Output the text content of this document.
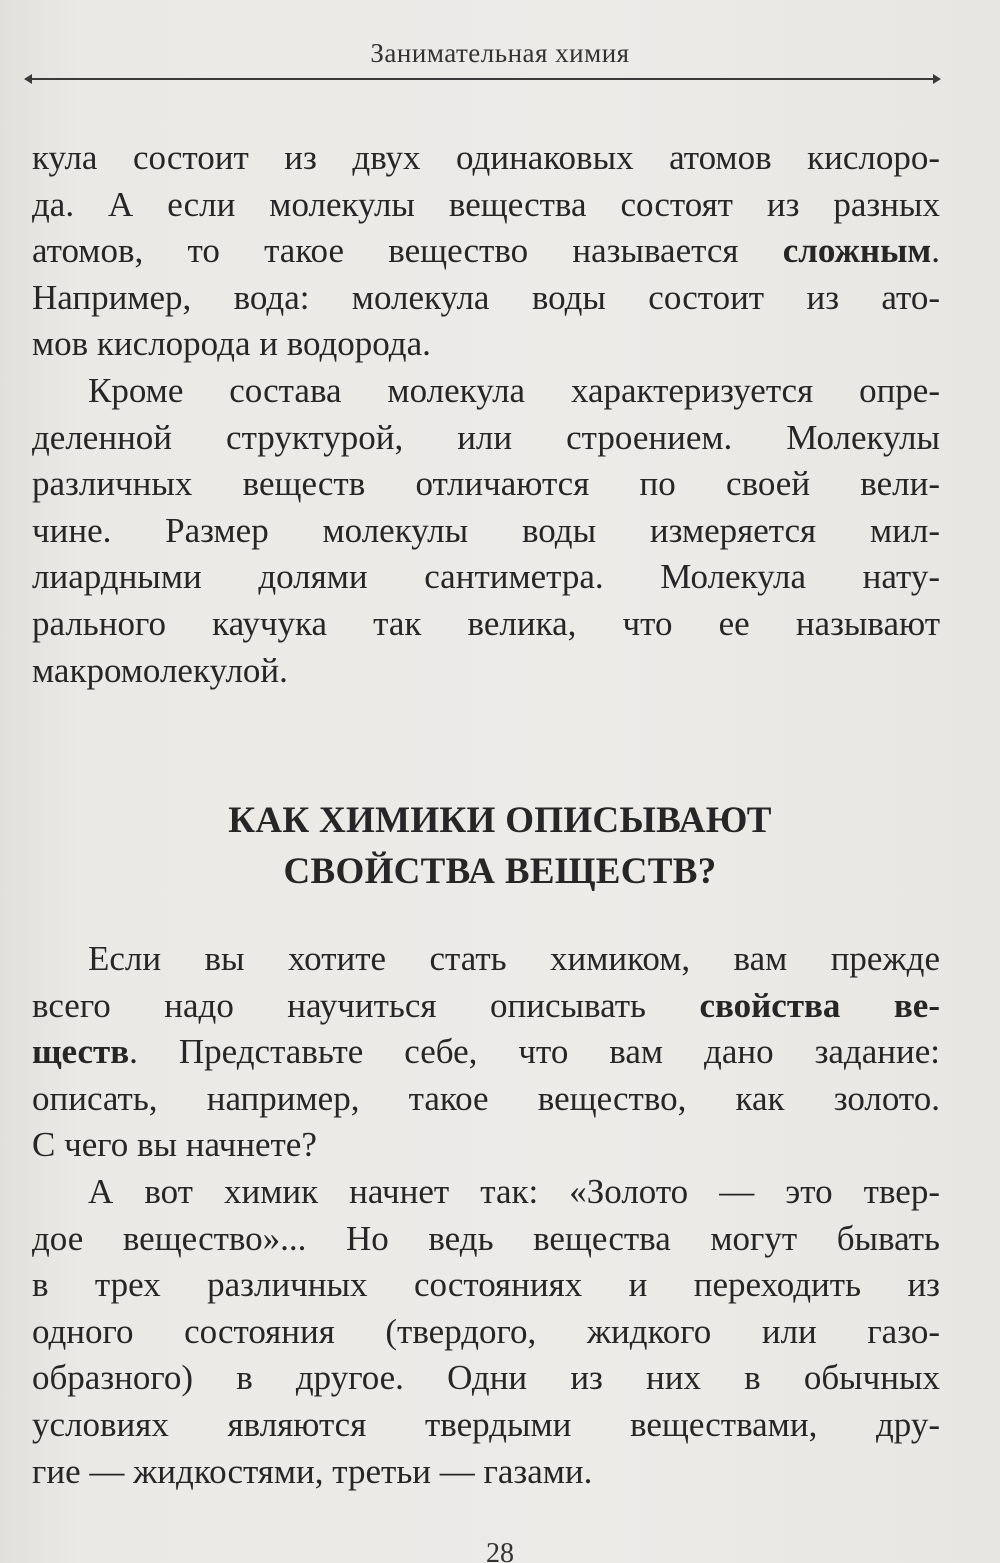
Занимательная химия
кула состоит из двух одинаковых атомов кислоро-
да. А если молекулы вещества состоят из разных
атомов, то такое вещество называется сложным.
Например, вода: молекула воды состоит из ато-
мов кислорода и водорода.
Кроме состава молекула характеризуется опре-
деленной структурой, или строением. Молекулы
различных веществ отличаются по своей вели-
чине. Размер молекулы воды измеряется мил-
лиардными долями сантиметра. Молекула нату-
рального каучука так велика, что ее называют
макромолекулой.
КАК ХИМИКИ ОПИСЫВАЮТ
СВОЙСТВА ВЕЩЕСТВ?
Если вы хотите стать химиком, вам прежде
всего надо научиться описывать свойства ве-
ществ. Представьте себе, что вам дано задание:
описать, например, такое вещество, как золото.
С чего вы начнете?
А вот химик начнет так: «Золото — это твер-
дое вещество»... Но ведь вещества могут бывать
в трех различных состояниях и переходить из
одного состояния (твердого, жидкого или газо-
образного) в другое. Одни из них в обычных
условиях являются твердыми веществами, дру-
гие — жидкостями, третьи — газами.
28
